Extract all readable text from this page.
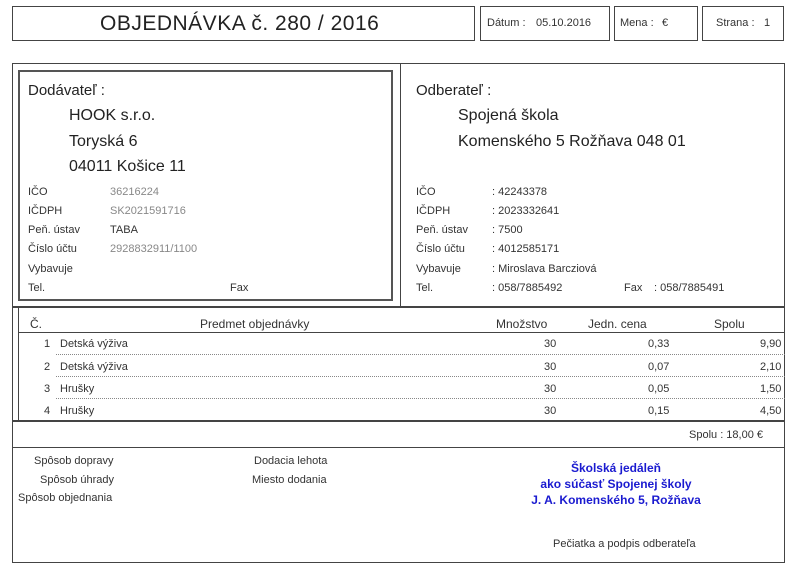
OBJEDNÁVKA č. 280 / 2016	Dátum : 05.10.2016	Mena : €	Strana : 1
Dodávateľ :
HOOK s.r.o.
Toryská 6
04011 Košice 11
IČO	36216224
IČDPH	SK2021591716
Peň. ústav	TABA
Číslo účtu	2928832911/1100
Vybavuje
Tel.	Fax
Odberateľ :
Spojená škola
Komenského 5 Rožňava 048 01
IČO	: 42243378
IČDPH	: 2023332641
Peň. ústav : 7500
Číslo účtu : 4012585171
Vybavuje	: Miroslava Barcziová
Tel.	: 058/7885492	Fax : 058/7885491
Č.	Predmet objednávky	Množstvo	Jedn. cena	Spolu
1 Detská výživa	30	0,33	9,90
2 Detská výživa	30	0,07	2,10
3 Hrušky	30	0,05	1,50
4 Hrušky	30	0,15	4,50
Spolu : 18,00 €
Spôsob dopravy
Spôsob úhrady
Spôsob objednania
Dodacia lehota
Miesto dodania
Školská jedáleň
ako súčasť Spojenej školy
J. A. Komenského 5, Rožňava
Pečiatka a podpis odberateľa
